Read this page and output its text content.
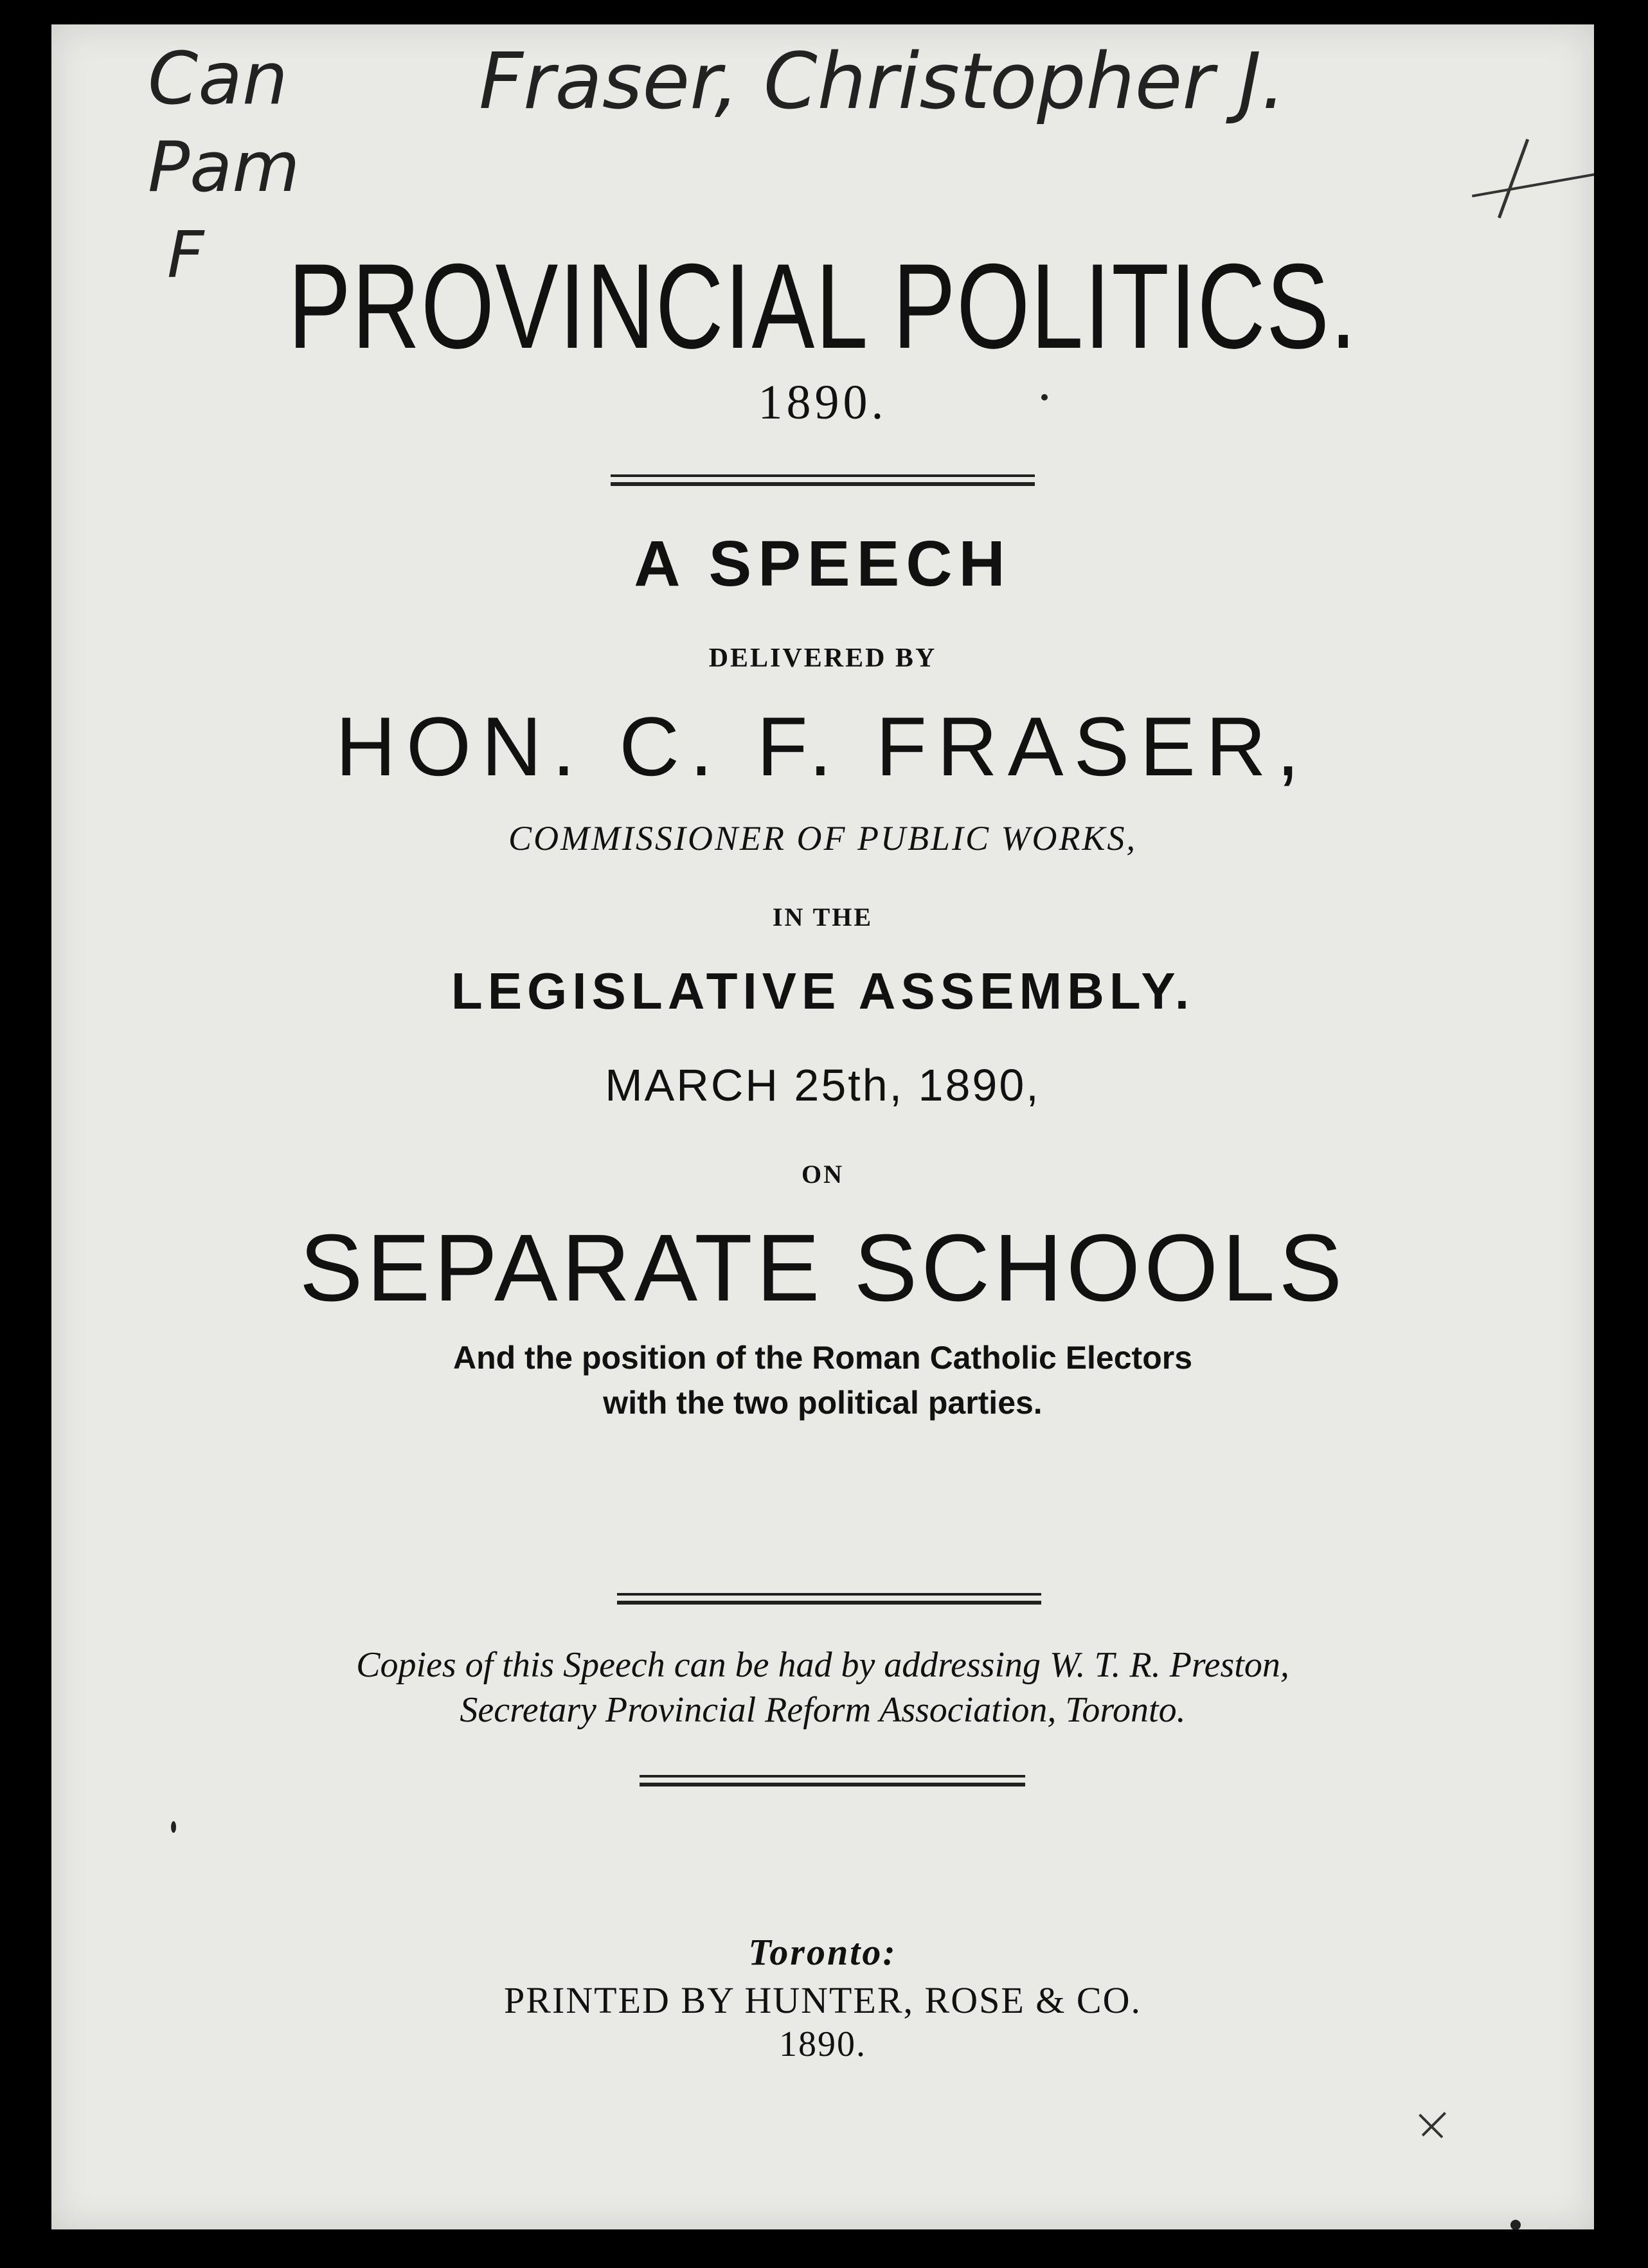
Can
Pam
F
Fraser, Christopher J.
PROVINCIAL POLITICS.
1890.
A SPEECH
DELIVERED BY
HON. C. F. FRASER,
COMMISSIONER OF PUBLIC WORKS,
IN THE
LEGISLATIVE ASSEMBLY.
MARCH 25th, 1890,
ON
SEPARATE SCHOOLS
And the position of the Roman Catholic Electors
with the two political parties.
Copies of this Speech can be had by addressing W. T. R. Preston,
Secretary Provincial Reform Association, Toronto.
Toronto:
PRINTED BY HUNTER, ROSE & CO.
1890.
